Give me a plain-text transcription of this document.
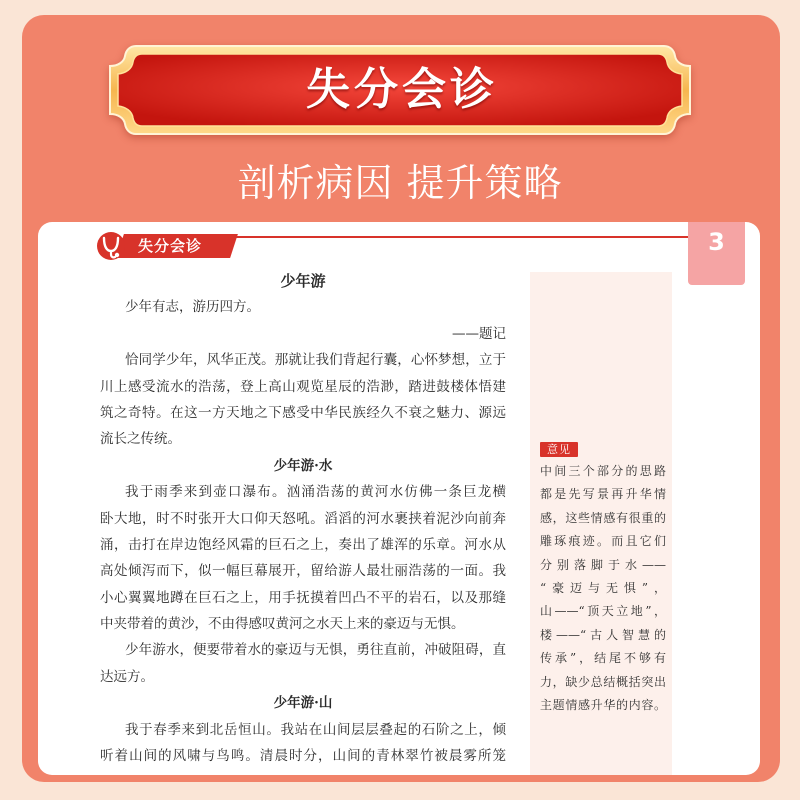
失分会诊
剖析病因 提升策略
失分会诊	3
少年游
少年有志，游历四方。
——题记
恰同学少年，风华正茂。那就让我们背起行囊，心怀梦想，立于
川上感受流水的浩荡，登上高山观览星辰的浩渺，踏进鼓楼体悟建
筑之奇特。在这一方天地之下感受中华民族经久不衰之魅力、源远
流长之传统。
少年游·水
我于雨季来到壶口瀑布。汹涌浩荡的黄河水仿佛一条巨龙横
卧大地，时不时张开大口仰天怒吼。滔滔的河水裹挟着泥沙向前奔
涌，击打在岸边饱经风霜的巨石之上，奏出了雄浑的乐章。河水从
高处倾泻而下，似一幅巨幕展开，留给游人最壮丽浩荡的一面。我
小心翼翼地蹲在巨石之上，用手抚摸着凹凸不平的岩石，以及那缝
中夹带着的黄沙，不由得感叹黄河之水天上来的豪迈与无惧。
少年游水，便要带着水的豪迈与无惧，勇往直前，冲破阻碍，直
达远方。
少年游·山
我于春季来到北岳恒山。我站在山间层层叠起的石阶之上，倾
听着山间的风啸与鸟鸣。清晨时分，山间的青林翠竹被晨雾所笼
意见
中间三个部分的思路
都是先写景再升华情
感，这些情感有很重的
雕琢痕迹。而且它们
分别落脚于水——
“豪迈与无惧”，
山——“顶天立地”，
楼——“古人智慧的
传承”，结尾不够有
力，缺少总结概括突出
主题情感升华的内容。
